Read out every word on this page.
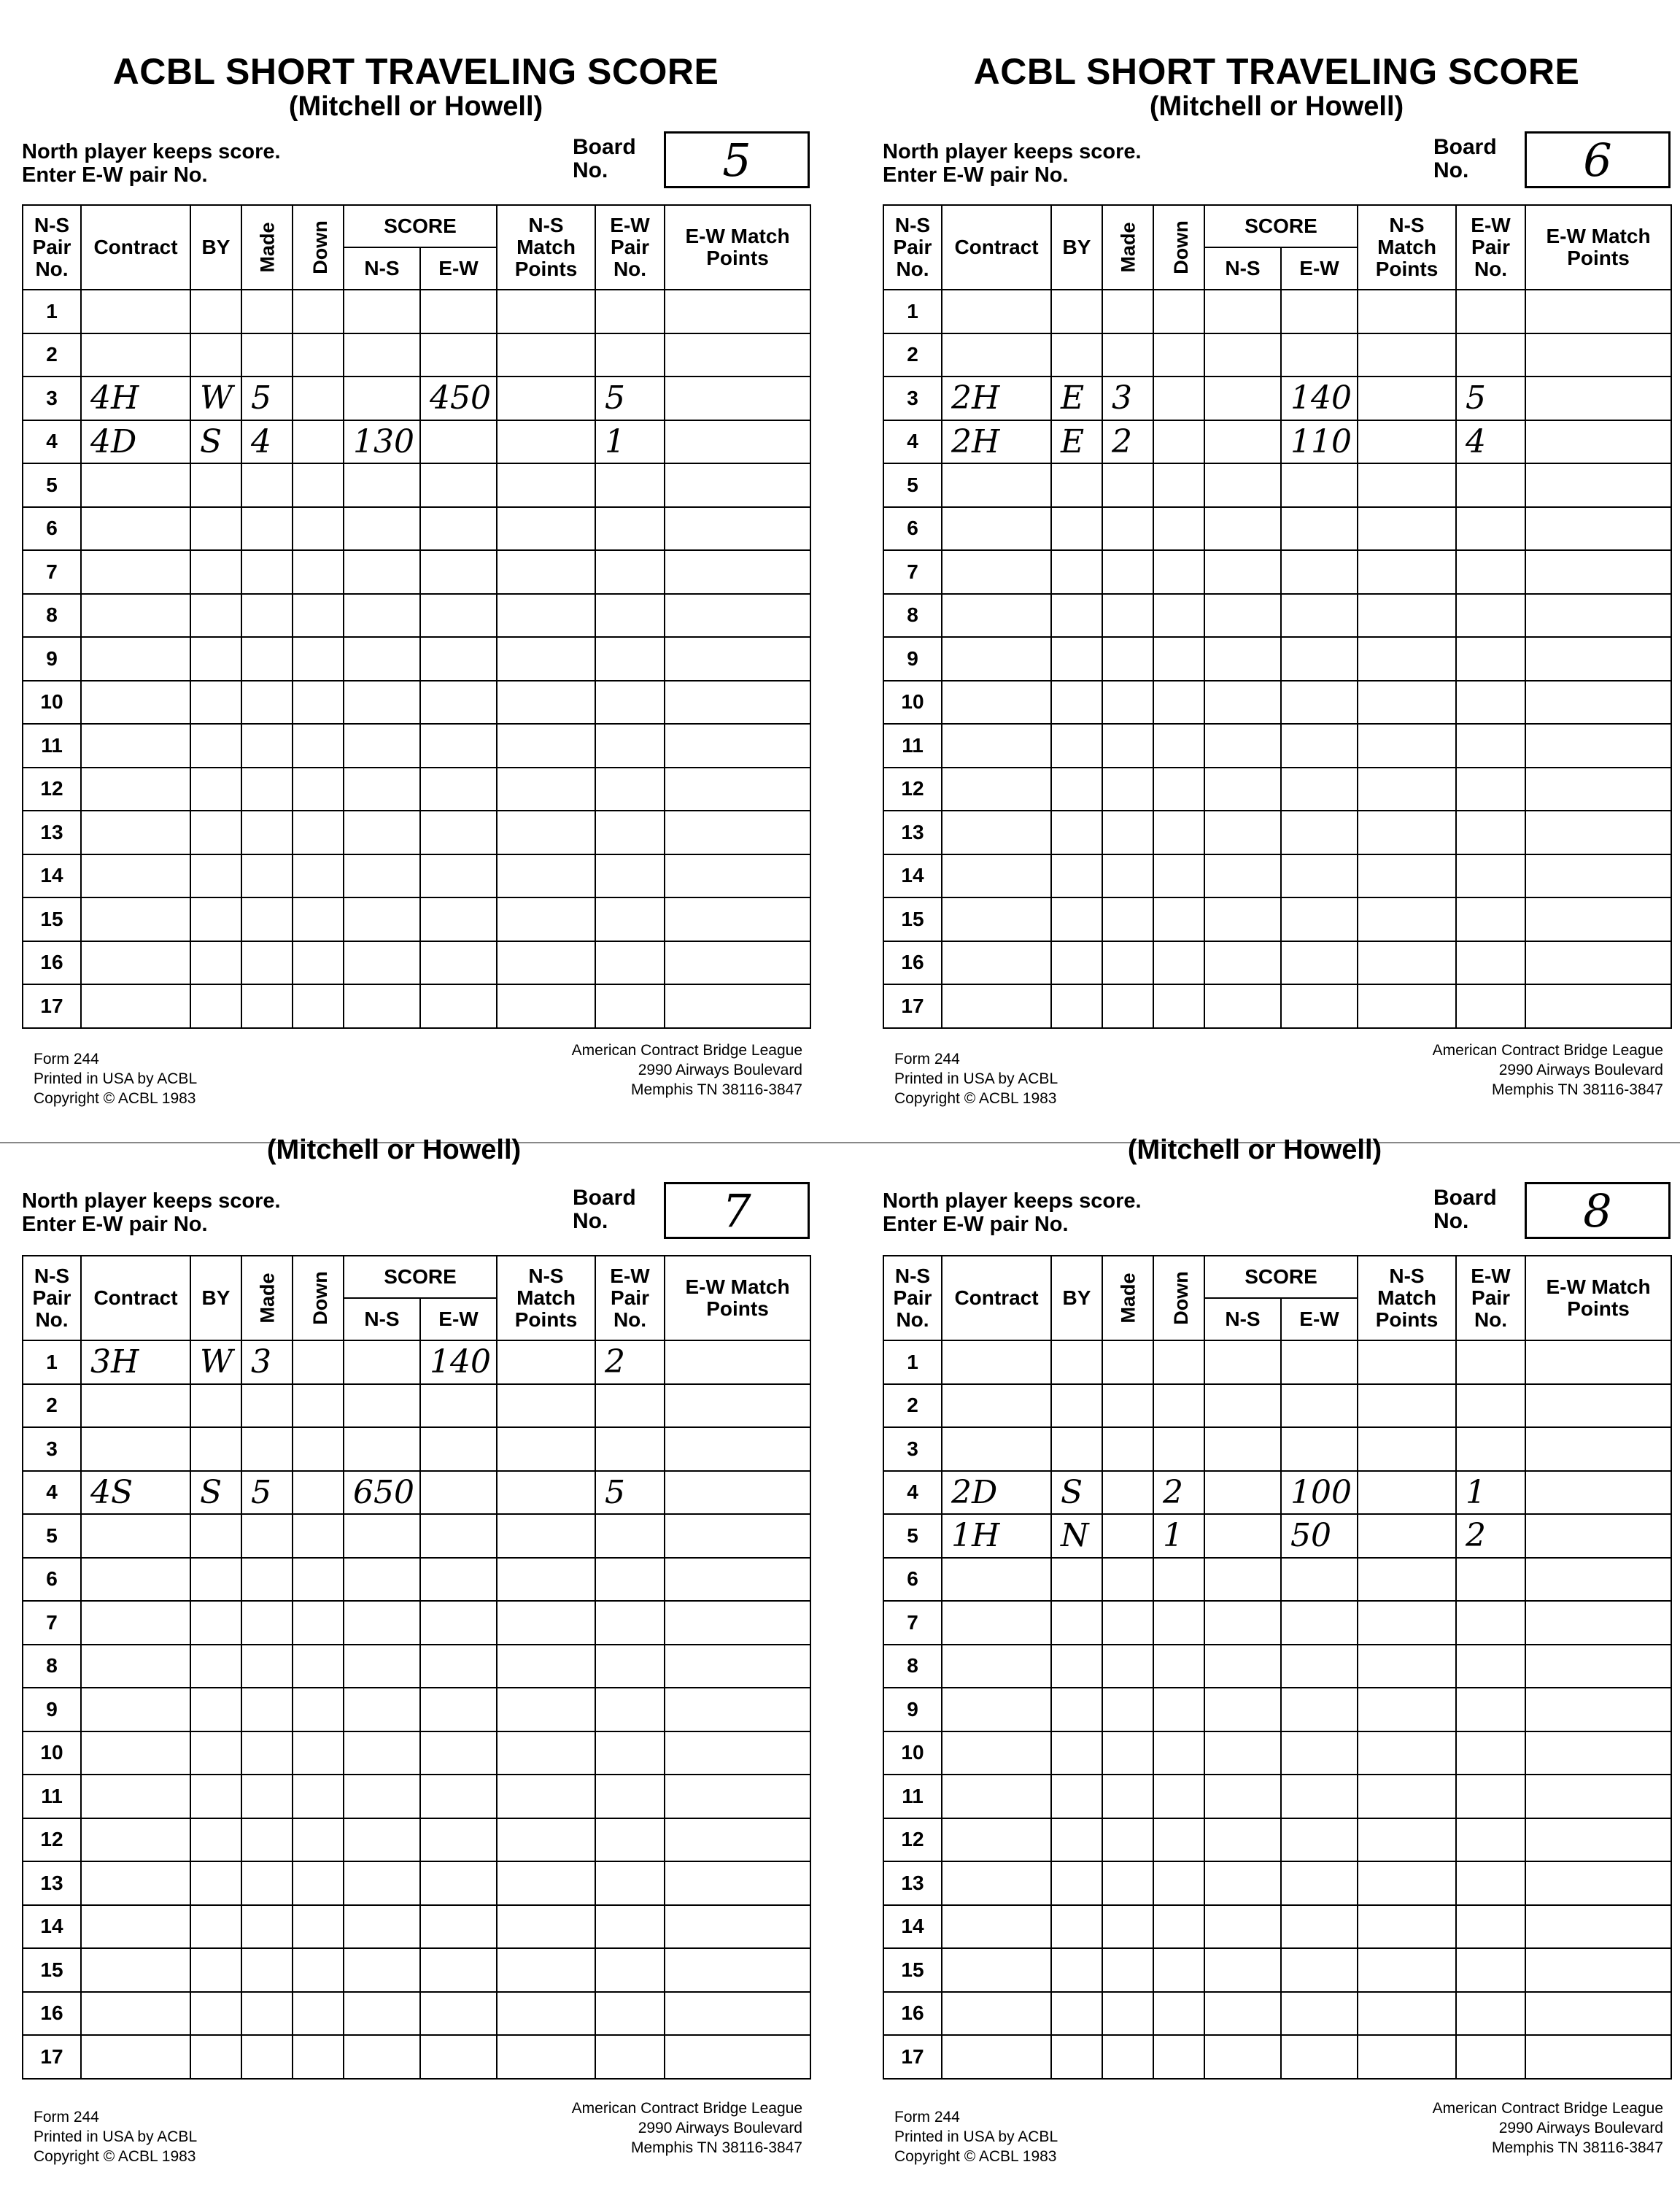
ACBL SHORT TRAVELING SCORE
(Mitchell or Howell)
North player keeps score.
Enter E-W pair No.
Board
No.	5
N-S Pair No.	Contract	BY	Made	Down	SCORE		N-S Match Points	E-W Pair No.	E-W Match Points
					N-S	E-W			
1									
2									
3	4H	W	5			450		5	
4	4D	S	4		130			1	
5									
6									
7									
8									
9									
10									
11									
12									
13									
14									
15									
16									
17									
Form 244
Printed in USA by ACBL
Copyright © ACBL 1983
American Contract Bridge League
2990 Airways Boulevard
Memphis TN 38116-3847
ACBL SHORT TRAVELING SCORE
(Mitchell or Howell)
North player keeps score.
Enter E-W pair No.
Board
No.	6
N-S Pair No.	Contract	BY	Made	Down	SCORE		N-S Match Points	E-W Pair No.	E-W Match Points
					N-S	E-W			
1									
2									
3	2H	E	3			140		5	
4	2H	E	2			110		4	
5									
6									
7									
8									
9									
10									
11									
12									
13									
14									
15									
16									
17									
Form 244
Printed in USA by ACBL
Copyright © ACBL 1983
American Contract Bridge League
2990 Airways Boulevard
Memphis TN 38116-3847
(Mitchell or Howell)
North player keeps score.
Enter E-W pair No.
Board
No.	7
N-S Pair No.	Contract	BY	Made	Down	SCORE		N-S Match Points	E-W Pair No.	E-W Match Points
					N-S	E-W			
1	3H	W	3			140		2	
2									
3									
4	4S	S	5		650			5	
5									
6									
7									
8									
9									
10									
11									
12									
13									
14									
15									
16									
17									
Form 244
Printed in USA by ACBL
Copyright © ACBL 1983
American Contract Bridge League
2990 Airways Boulevard
Memphis TN 38116-3847
(Mitchell or Howell)
North player keeps score.
Enter E-W pair No.
Board
No.	8
N-S Pair No.	Contract	BY	Made	Down	SCORE		N-S Match Points	E-W Pair No.	E-W Match Points
					N-S	E-W			
1									
2									
3									
4	2D	S		2		100		1	
5	1H	N		1		50		2	
6									
7									
8									
9									
10									
11									
12									
13									
14									
15									
16									
17									
Form 244
Printed in USA by ACBL
Copyright © ACBL 1983
American Contract Bridge League
2990 Airways Boulevard
Memphis TN 38116-3847
